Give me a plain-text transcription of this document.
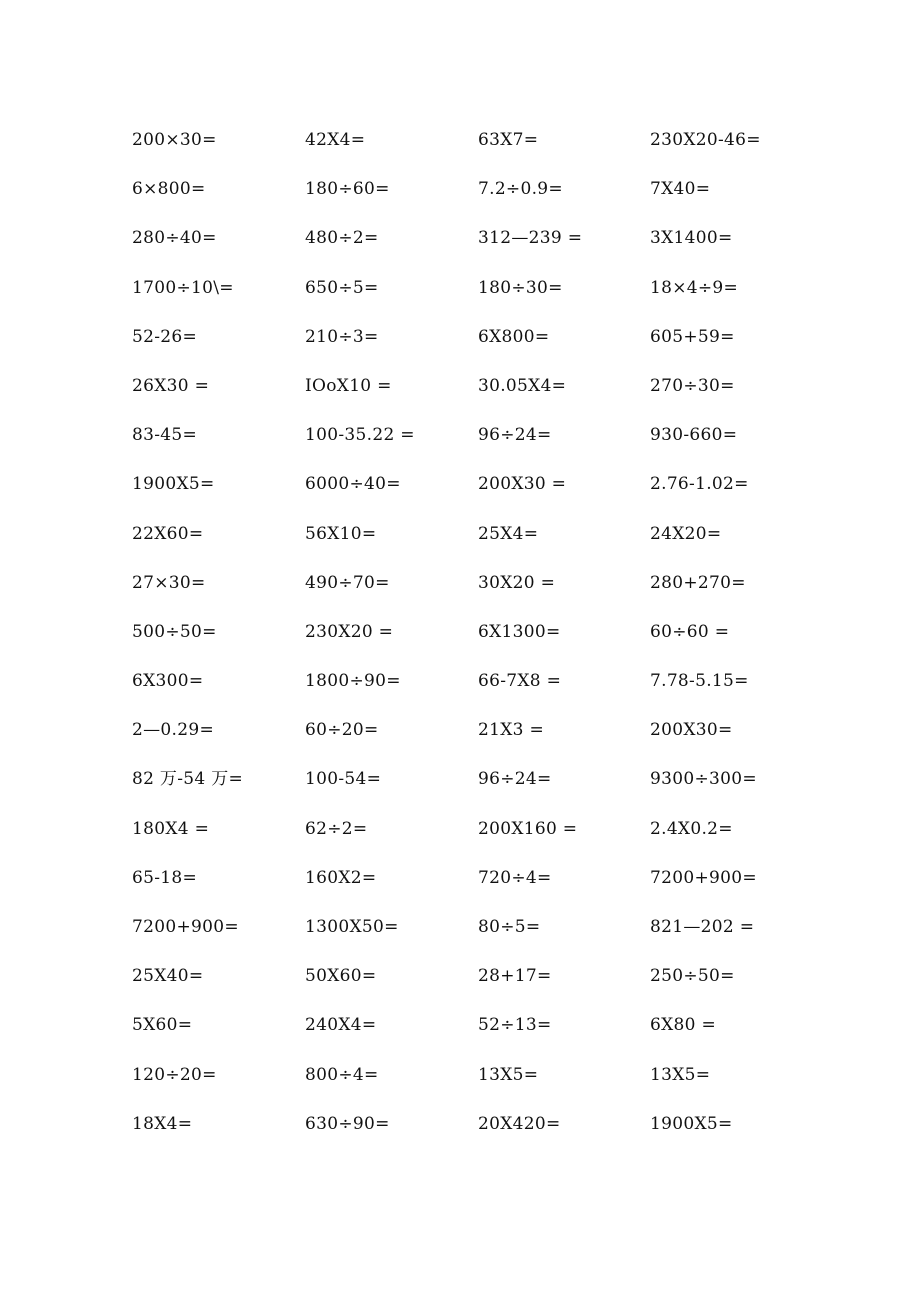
200×30=	42X4=	63X7=	230X20-46=
6×800=	180÷60=	7.2÷0.9=	7X40=
280÷40=	480÷2=	312—239 =	3X1400=
1700÷10\=	650÷5=	180÷30=	18×4÷9=
52-26=	210÷3=	6X800=	605+59=
26X30 =	IOoX10 =	30.05X4=	270÷30=
83-45=	100-35.22 =	96÷24=	930-660=
1900X5=	6000÷40=	200X30 =	2.76-1.02=
22X60=	56X10=	25X4=	24X20=
27×30=	490÷70=	30X20 =	280+270=
500÷50=	230X20 =	6X1300=	60÷60 =
6X300=	1800÷90=	66-7X8 =	7.78-5.15=
2—0.29=	60÷20=	21X3 =	200X30=
82 万-54 万=	100-54=	96÷24=	9300÷300=
180X4 =	62÷2=	200X160 =	2.4X0.2=
65-18=	160X2=	720÷4=	7200+900=
7200+900=	1300X50=	80÷5=	821—202 =
25X40=	50X60=	28+17=	250÷50=
5X60=	240X4=	52÷13=	6X80 =
120÷20=	800÷4=	13X5=	13X5=
18X4=	630÷90=	20X420=	1900X5=
